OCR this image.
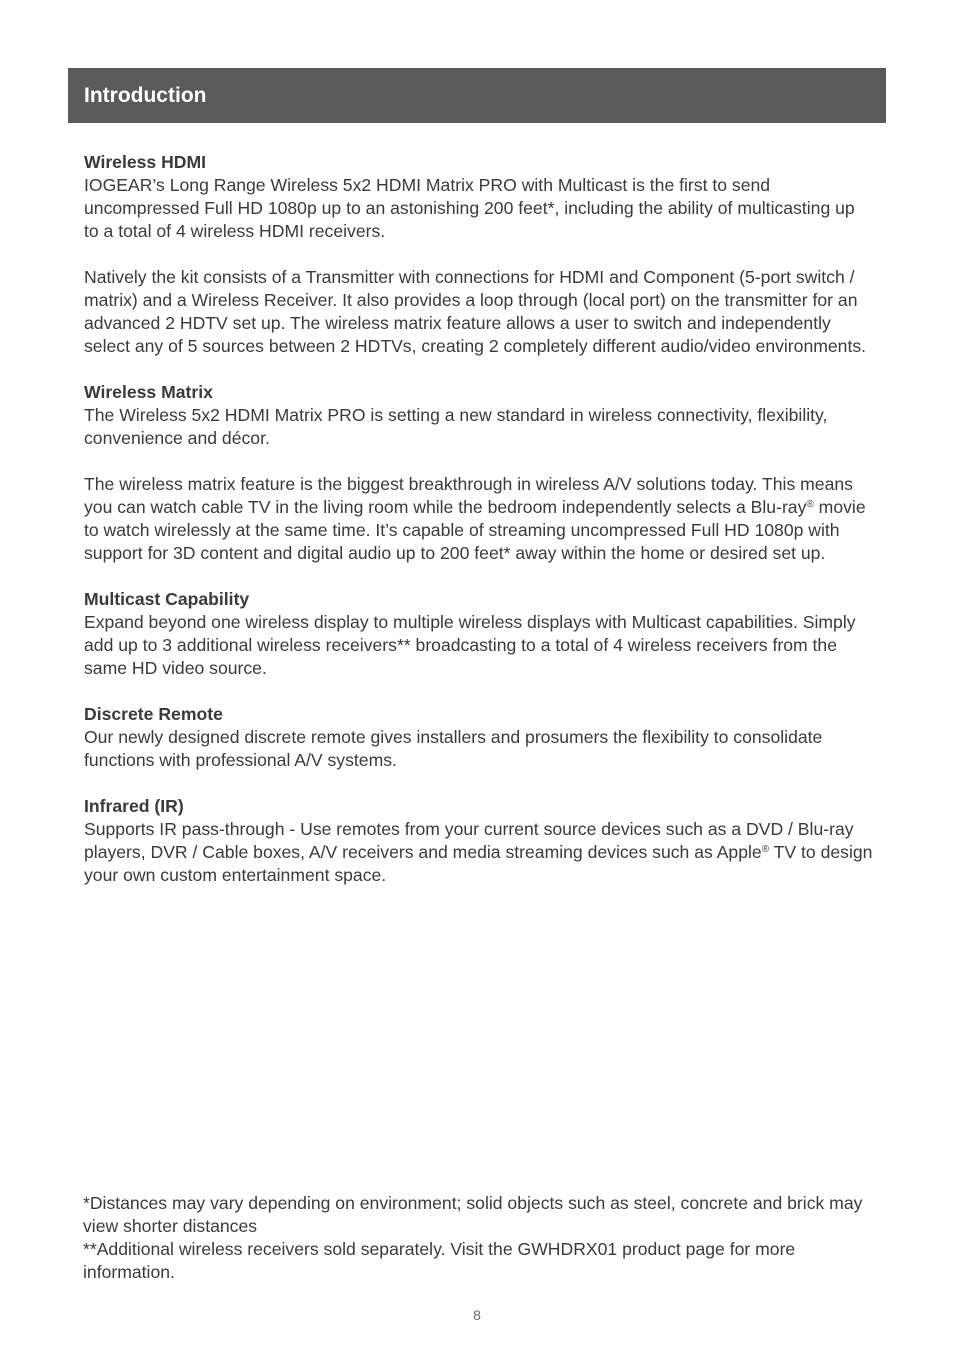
Introduction
Wireless HDMI
IOGEAR’s Long Range Wireless 5x2 HDMI Matrix PRO with Multicast is the first to send uncompressed Full HD 1080p up to an astonishing 200 feet*, including the ability of multicasting up to a total of 4 wireless HDMI receivers.
Natively the kit consists of a Transmitter with connections for HDMI and Component (5-port switch / matrix) and a Wireless Receiver. It also provides a loop through (local port) on the transmitter for an advanced 2 HDTV set up. The wireless matrix feature allows a user to switch and independently select any of 5 sources between 2 HDTVs, creating 2 completely different audio/video environments.
Wireless Matrix
The Wireless 5x2 HDMI Matrix PRO is setting a new standard in wireless connectivity, flexibility, convenience and décor.
The wireless matrix feature is the biggest breakthrough in wireless A/V solutions today. This means you can watch cable TV in the living room while the bedroom independently selects a Blu-ray® movie to watch wirelessly at the same time. It’s capable of streaming uncompressed Full HD 1080p with support for 3D content and digital audio up to 200 feet* away within the home or desired set up.
Multicast Capability
Expand beyond one wireless display to multiple wireless displays with Multicast capabilities. Simply add up to 3 additional wireless receivers** broadcasting to a total of 4 wireless receivers from the same HD video source.
Discrete Remote
Our newly designed discrete remote gives installers and prosumers the flexibility to consolidate functions with professional A/V systems.
Infrared (IR)
Supports IR pass-through - Use remotes from your current source devices such as a DVD / Blu-ray players, DVR / Cable boxes, A/V receivers and media streaming devices such as Apple® TV to design your own custom entertainment space.
*Distances may vary depending on environment; solid objects such as steel, concrete and brick may view shorter distances
**Additional wireless receivers sold separately. Visit the GWHDRX01 product page for more information.
8
